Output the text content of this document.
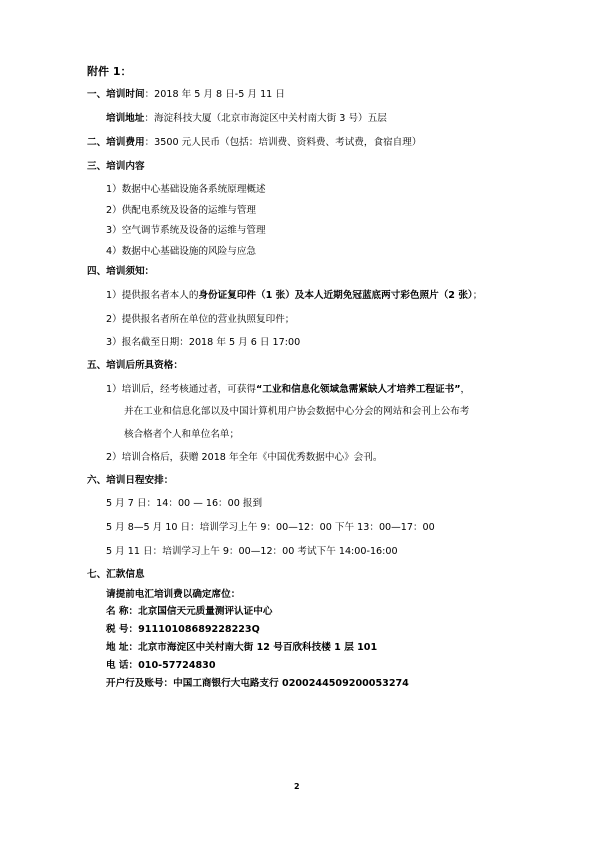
附件 1：
一、培训时间：2018 年 5 月 8 日-5 月 11 日
培训地址：海淀科技大厦（北京市海淀区中关村南大街 3 号）五层
二、培训费用：3500 元人民币（包括：培训费、资料费、考试费，食宿自理）
三、培训内容
1）数据中心基础设施各系统原理概述
2）供配电系统及设备的运维与管理
3）空气调节系统及设备的运维与管理
4）数据中心基础设施的风险与应急
四、培训须知：
1）提供报名者本人的身份证复印件（1 张）及本人近期免冠蓝底两寸彩色照片（2 张）；
2）提供报名者所在单位的营业执照复印件；
3）报名截至日期：2018 年 5 月 6 日 17:00
五、培训后所具资格：
1）培训后，经考核通过者，可获得“工业和信息化领域急需紧缺人才培养工程证书”，
并在工业和信息化部以及中国计算机用户协会数据中心分会的网站和会刊上公布考
核合格者个人和单位名单；
2）培训合格后，获赠 2018 年全年《中国优秀数据中心》会刊。
六、培训日程安排：
5 月 7 日：14：00 — 16：00 报到
5 月 8—5 月 10 日：培训学习上午 9：00—12：00 下午 13：00—17：00
5 月 11 日：培训学习上午 9：00—12：00 考试下午 14:00-16:00
七、汇款信息
请提前电汇培训费以确定席位：
名 称：北京国信天元质量测评认证中心
税 号：91110108689228223Q
地 址：北京市海淀区中关村南大街 12 号百欣科技楼 1 层 101
电 话：010-57724830
开户行及账号：中国工商银行大屯路支行 0200244509200053274
2
